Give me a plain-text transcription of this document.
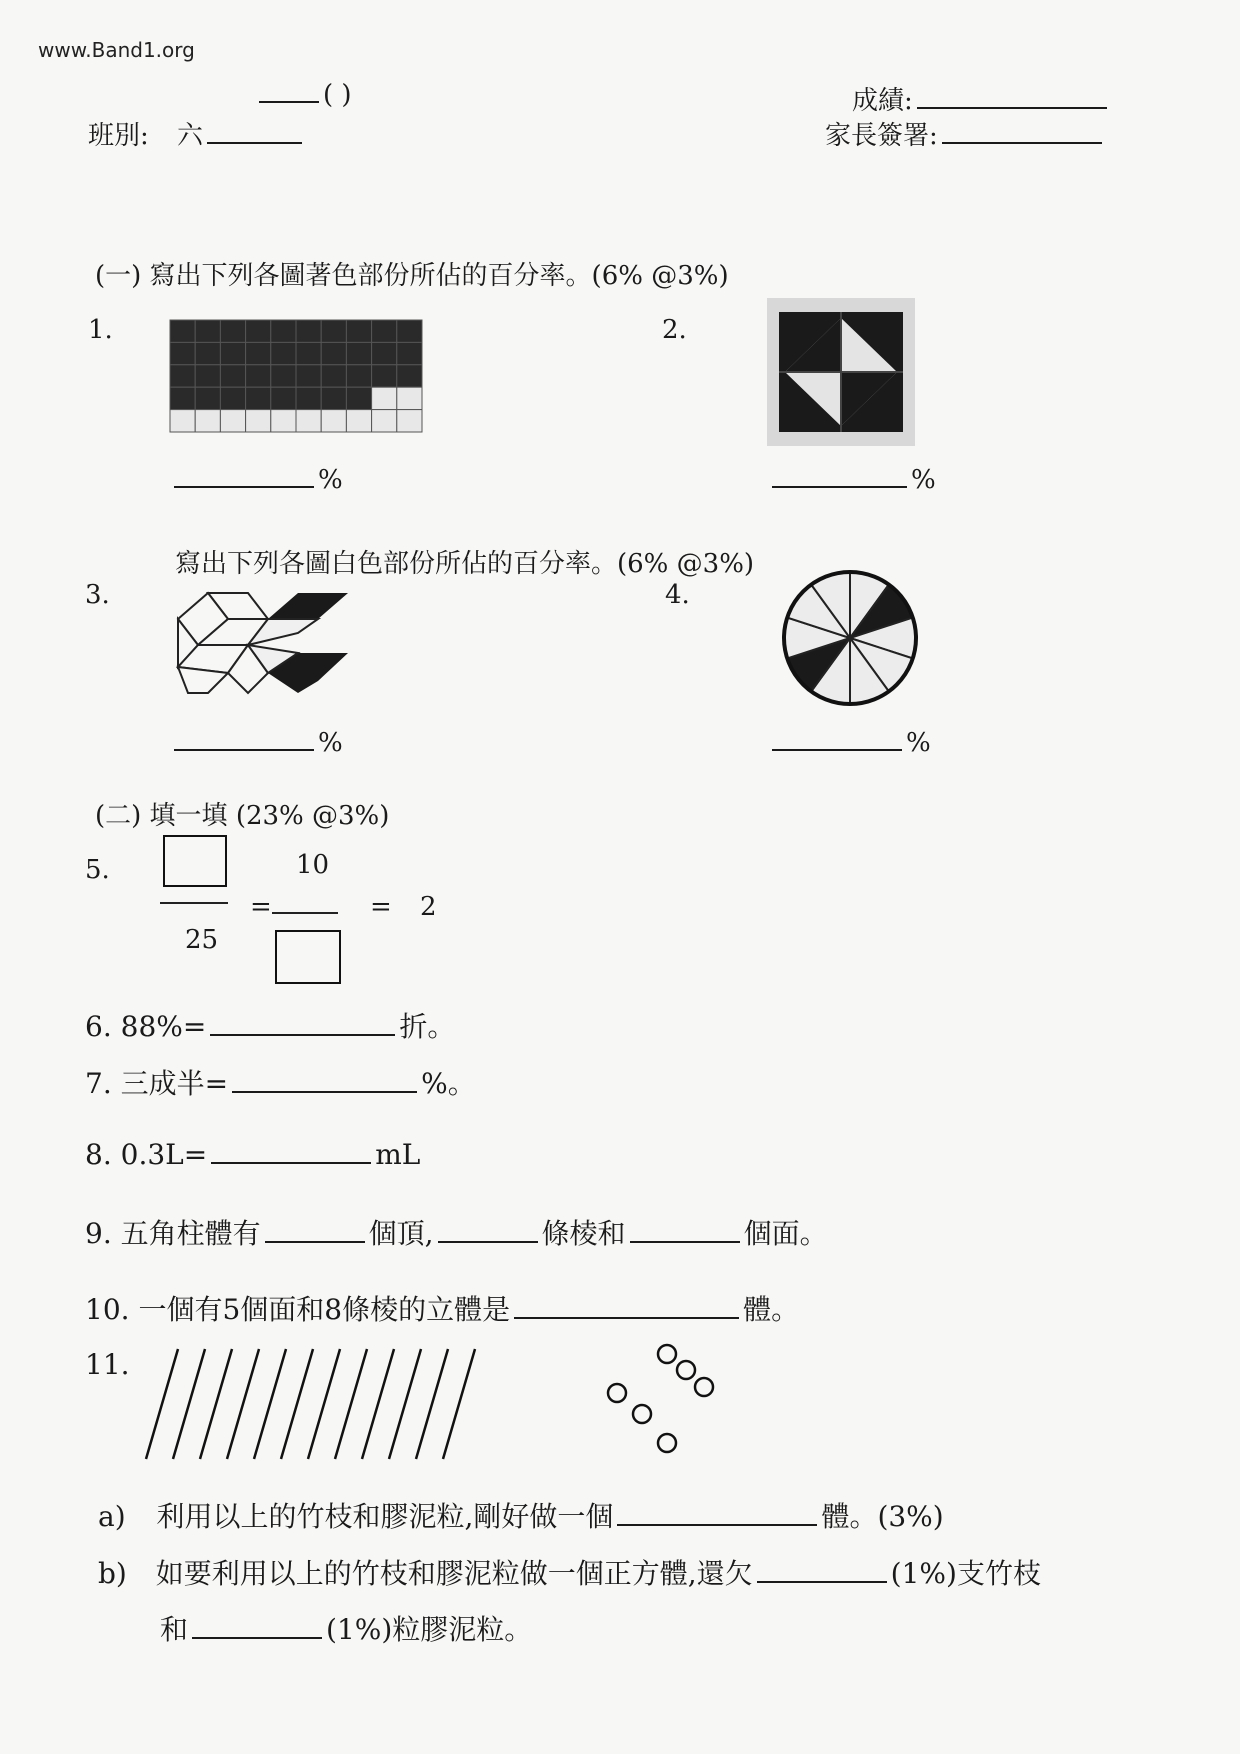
www.Band1.org
( )
班別: 六
成績:
家長簽署:
(一) 寫出下列各圖著色部份所佔的百分率。(6% @3%)
1.
%
2.
%
寫出下列各圖白色部份所佔的百分率。(6% @3%)
3.
%
4.
%
(二) 填一填 (23% @3%)
5.
25
10
=	= 2
6. 88%=	折。
7. 三成半=	%。
8. 0.3L=	mL
9. 五角柱體有	個頂,	條棱和	個面。
10. 一個有5個面和8條棱的立體是	體。
11.
a) 利用以上的竹枝和膠泥粒,剛好做一個	體。(3%)
b) 如要利用以上的竹枝和膠泥粒做一個正方體,還欠	(1%)支竹枝
和	(1%)粒膠泥粒。
